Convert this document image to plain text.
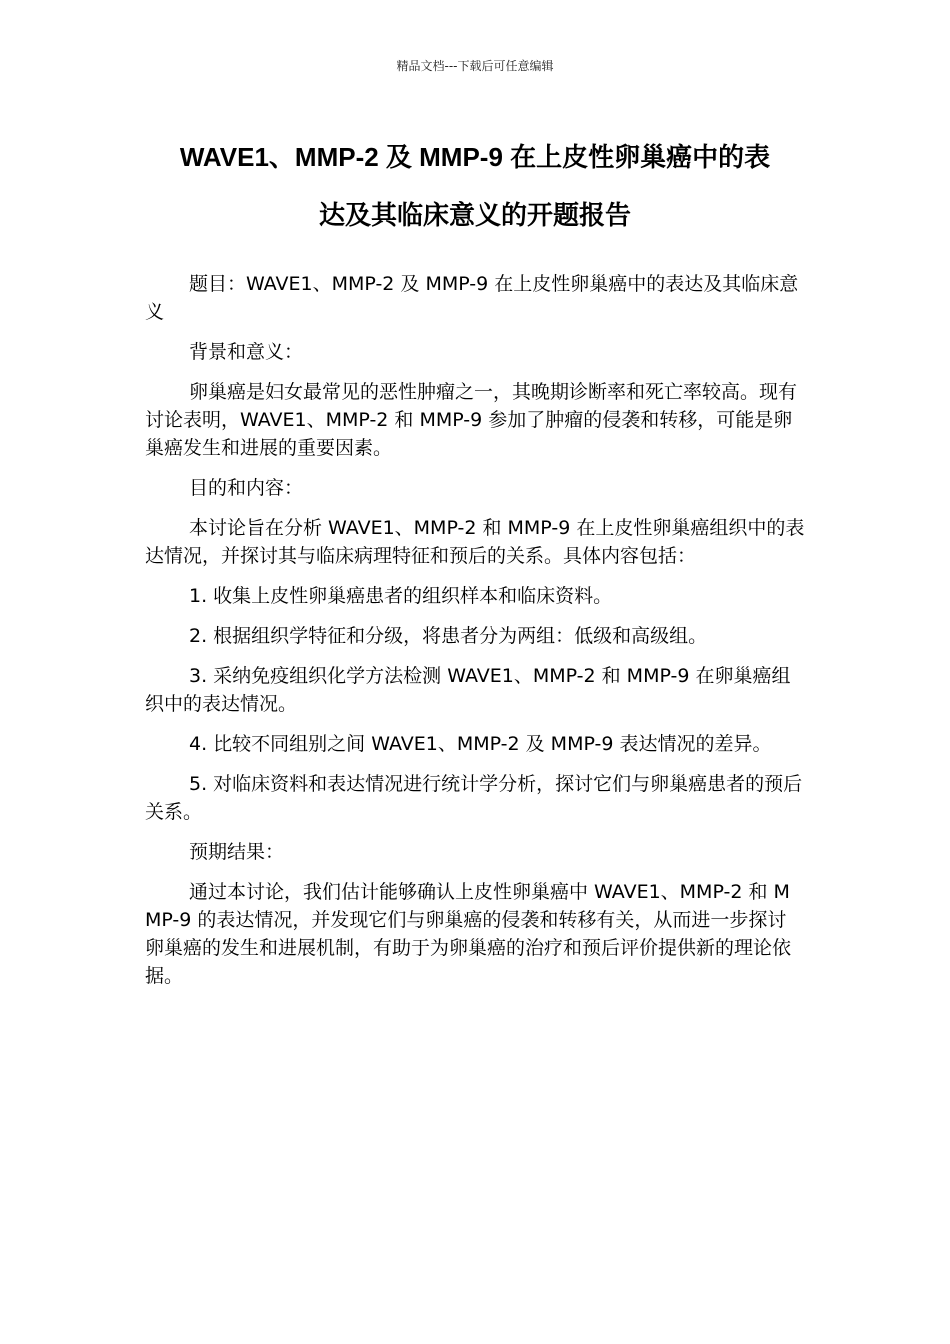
精品文档---下载后可任意编辑
WAVE1、MMP-2 及 MMP-9 在上皮性卵巢癌中的表
达及其临床意义的开题报告

题目：WAVE1、MMP-2 及 MMP-9 在上皮性卵巢癌中的表达及其临床意义

背景和意义：

卵巢癌是妇女最常见的恶性肿瘤之一，其晚期诊断率和死亡率较高。现有讨论表明，WAVE1、MMP-2 和 MMP-9 参加了肿瘤的侵袭和转移，可能是卵巢癌发生和进展的重要因素。

目的和内容：

本讨论旨在分析 WAVE1、MMP-2 和 MMP-9 在上皮性卵巢癌组织中的表达情况，并探讨其与临床病理特征和预后的关系。具体内容包括：

1. 收集上皮性卵巢癌患者的组织样本和临床资料。

2. 根据组织学特征和分级，将患者分为两组：低级和高级组。

3. 采纳免疫组织化学方法检测 WAVE1、MMP-2 和 MMP-9 在卵巢癌组织中的表达情况。

4. 比较不同组别之间 WAVE1、MMP-2 及 MMP-9 表达情况的差异。

5. 对临床资料和表达情况进行统计学分析，探讨它们与卵巢癌患者的预后关系。

预期结果：

通过本讨论，我们估计能够确认上皮性卵巢癌中 WAVE1、MMP-2 和 MMP-9 的表达情况，并发现它们与卵巢癌的侵袭和转移有关，从而进一步探讨卵巢癌的发生和进展机制，有助于为卵巢癌的治疗和预后评价提供新的理论依据。
